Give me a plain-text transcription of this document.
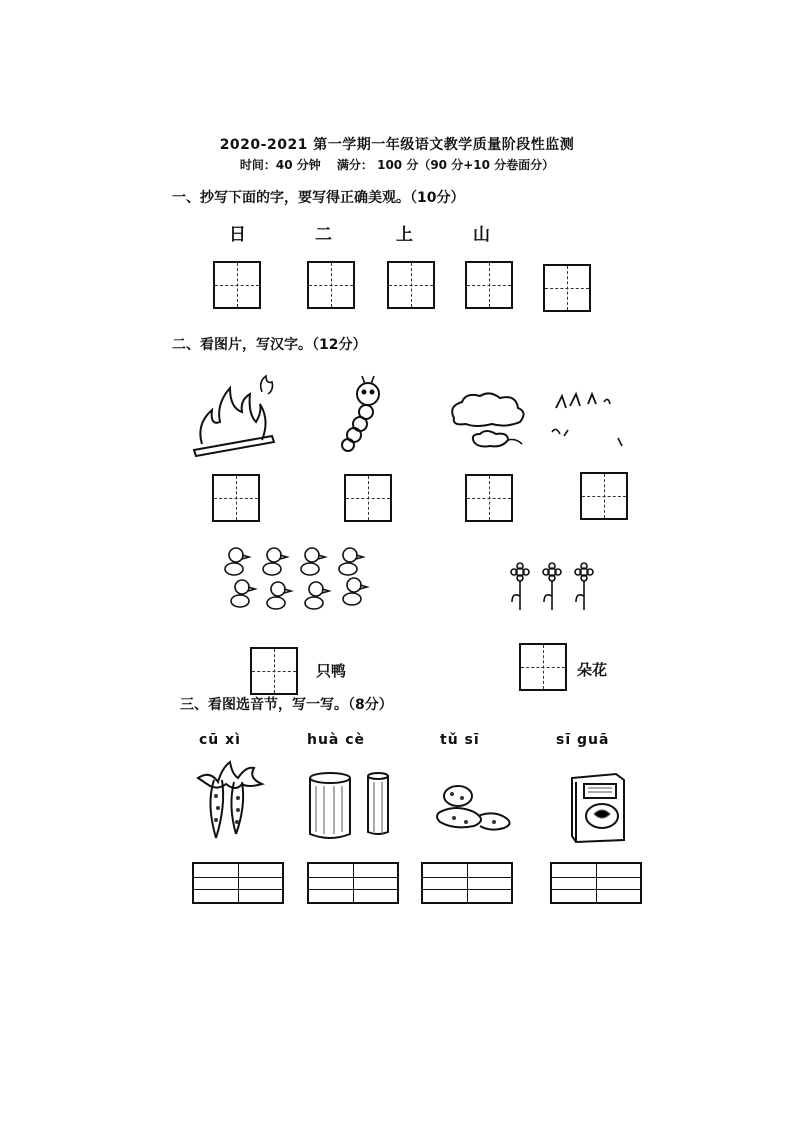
2020-2021 第一学期一年级语文教学质量阶段性监测
时间：40 分钟　 满分： 100 分（90 分+10 分卷面分）
一、抄写下面的字，要写得正确美观。（10分）
日	二	上	山
二、看图片，写汉字。（12分）
只鸭	朵花
三、看图选音节，写一写。（8分）
cū xì	huà cè	tǔ sī	sī guā
